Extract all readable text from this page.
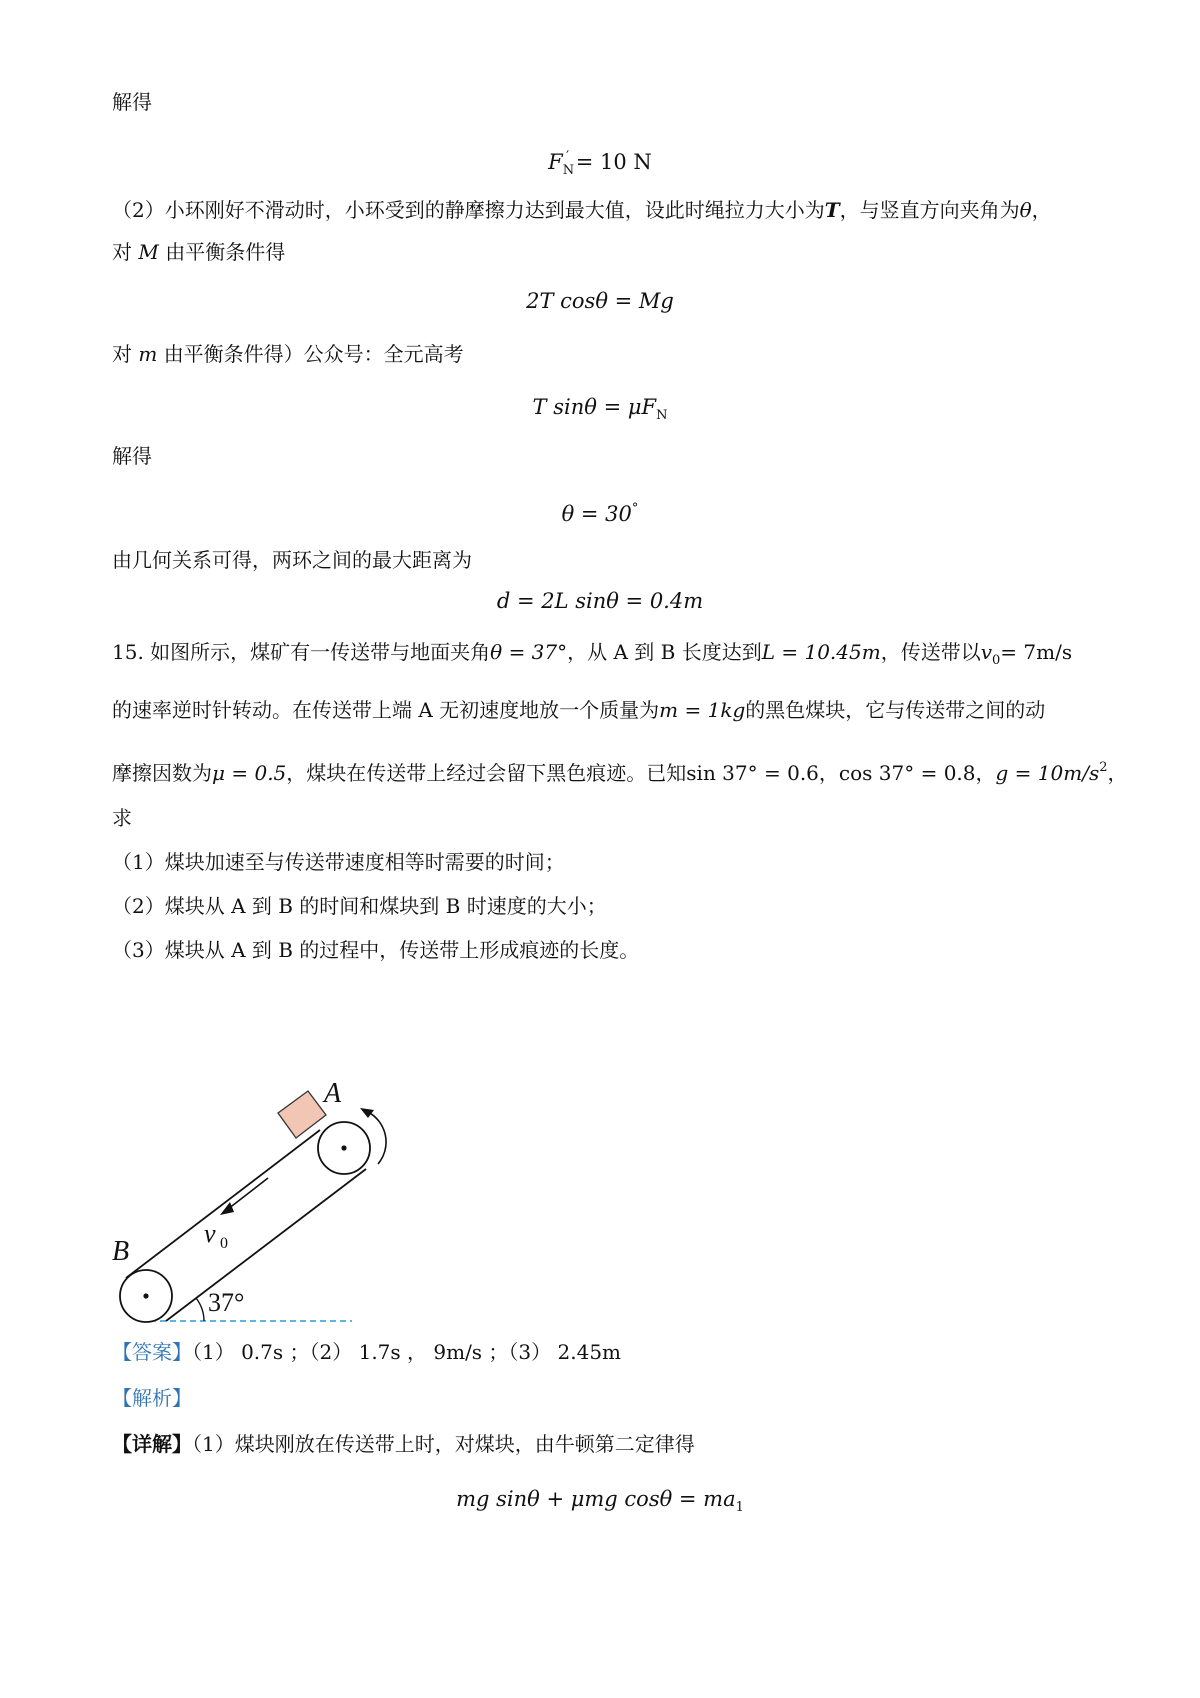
解得
$F_N' = 10$ N
（2）小环刚好不滑动时，小环受到的静摩擦力达到最大值，设此时绳拉力大小为T，与竖直方向夹角为θ，
对 M 由平衡条件得
2T cosθ = Mg
对 m 由平衡条件得）公众号：全元高考
T $\sin\theta = \mu F_N$
解得
θ = 30°
由几何关系可得，两环之间的最大距离为
d = 2L sinθ = 0.4m
15. 如图所示，煤矿有一传送带与地面夹角θ = 37°，从 A 到 B 长度达到L = 10.45m，传送带以$v_0= 7m/s$
的速率逆时针转动。在传送带上端 A 无初速度地放一个质量为m = 1kg的黑色煤块，它与传送带之间的动
摩擦因数为μ = 0.5，煤块在传送带上经过会留下黑色痕迹。已知sin 37° = 0.6，cos 37° = 0.8，$g = 10m/s^2$，
求
（1）煤块加速至与传送带速度相等时需要的时间；
（2）煤块从 A 到 B 的时间和煤块到 B 时速度的大小；
（3）煤块从 A 到 B 的过程中，传送带上形成痕迹的长度。
A
B
v 0
37°
【答案】（1） 0.7s ；（2） 1.7s ， 9m/s ；（3） 2.45m
【解析】
【详解】（1）煤块刚放在传送带上时，对煤块，由牛顿第二定律得
mg sinθ + μmg $\cos\theta = ma_1$
